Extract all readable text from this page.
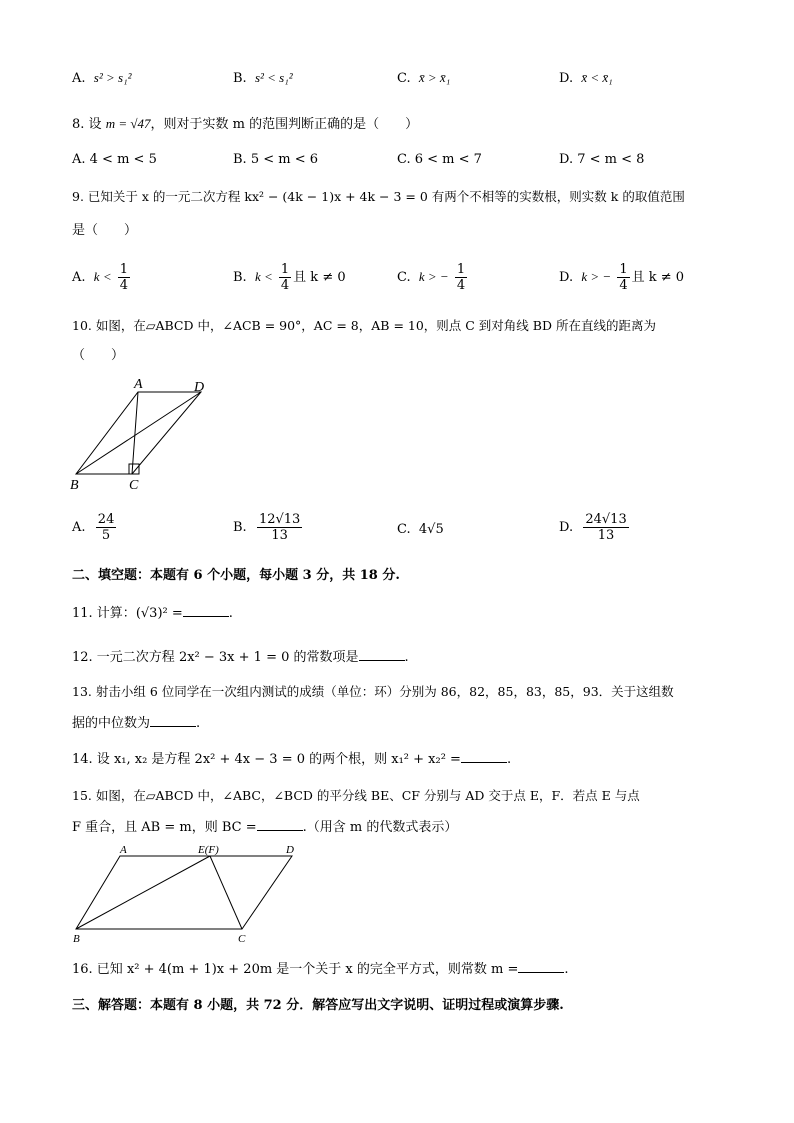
A. s² > s₁²	B. s² < s₁²	C. x̄ > x̄₁	D. x̄ < x̄₁
8. 设 m = √47，则对于实数 m 的范围判断正确的是（　　）
A. 4 < m < 5	B. 5 < m < 6	C. 6 < m < 7	D. 7 < m < 8
9. 已知关于 x 的一元二次方程 kx² − (4k − 1)x + 4k − 3 = 0 有两个不相等的实数根，则实数 k 的取值范围
是（　　）
A. $k < \frac{1}{4}$	B. $k < \frac{1}{4}$ 且 k ≠ 0	C. k > − $\frac{1}{4}$	D. k > − $\frac{1}{4}$ 且 k ≠ 0
10. 如图，在▱ABCD 中，∠ACB = 90°，AC = 8，AB = 10，则点 C 到对角线 BD 所在直线的距离为
（　　）
A	D
B	C
A. $\frac{24}{5}$	B. $\frac{12√13}{13}$	C. 4√5	D. $\frac{24√13}{13}$
二、填空题：本题有 6 个小题，每小题 3 分，共 18 分.
11. 计算：(√3)² =	.
12. 一元二次方程 2x² − 3x + 1 = 0 的常数项是	.
13. 射击小组 6 位同学在一次组内测试的成绩（单位：环）分别为 86，82，85，83，85，93．关于这组数
据的中位数为	.
14. 设 x₁, x₂ 是方程 2x² + 4x − 3 = 0 的两个根，则 x₁² + x₂² =	.
15. 如图，在▱ABCD 中，∠ABC，∠BCD 的平分线 BE、CF 分别与 AD 交于点 E，F．若点 E 与点
F 重合，且 AB = m，则 BC =	.（用含 m 的代数式表示）
A	E(F)	D
B	C
16. 已知 x² + 4(m + 1)x + 20m 是一个关于 x 的完全平方式，则常数 m =	.
三、解答题：本题有 8 小题，共 72 分．解答应写出文字说明、证明过程或演算步骤.
